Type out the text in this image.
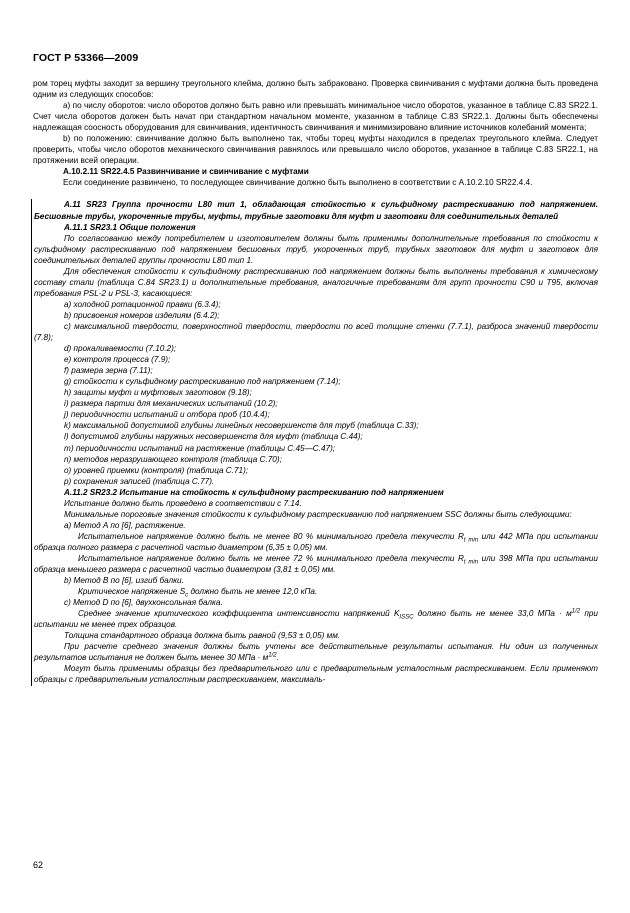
ГОСТ Р 53366—2009

ром торец муфты заходит за вершину треугольного клейма, должно быть забраковано. Проверка свинчивания с муфтами должна быть проведена одним из следующих способов:

a) по числу оборотов: число оборотов должно быть равно или превышать минимальное число оборотов, указанное в таблице C.83 SR22.1. Счет числа оборотов должен быть начат при стандартном начальном моменте, указанном в таблице C.83 SR22.1. Должны быть обеспечены надлежащая соосность оборудования для свинчивания, идентичность свинчивания и минимизировано влияние источников колебаний момента;

b) по положению: свинчивание должно быть выполнено так, чтобы торец муфты находился в пределах треугольного клейма. Следует проверить, чтобы число оборотов механического свинчивания равнялось или превышало число оборотов, указанное в таблице C.83 SR22.1, на протяжении всей операции.

A.10.2.11 SR22.4.5 Развинчивание и свинчивание с муфтами

Если соединение развинчено, то последующее свинчивание должно быть выполнено в соответствии с A.10.2.10 SR22.4.4.

A.11 SR23 Группа прочности L80 тип 1, обладающая стойкостью к сульфидному растрескиванию под напряжением. Бесшовные трубы, укороченные трубы, муфты, трубные заготовки для муфт и заготовки для соединительных деталей

A.11.1 SR23.1 Общие положения

По согласованию между потребителем и изготовителем должны быть применимы дополнительные требования по стойкости к сульфидному растрескиванию под напряжением бесшовных труб, укороченных труб, трубных заготовок для муфт и заготовок для соединительных деталей группы прочности L80 тип 1.

Для обеспечения стойкости к сульфидному растрескиванию под напряжением должны быть выполнены требования к химическому составу стали (таблица C.84 SR23.1) и дополнительные требования, аналогичные требованиям для групп прочности C90 и T95, включая требования PSL-2 и PSL-3, касающиеся:

a) холодной ротационной правки (6.3.4);

b) присвоения номеров изделиям (6.4.2);

c) максимальной твердости, поверхностной твердости, твердости по всей толщине стенки (7.7.1), разброса значений твердости (7.8);

d) прокаливаемости (7.10.2);

e) контроля процесса (7.9);

f) размера зерна (7.11);

g) стойкости к сульфидному растрескиванию под напряжением (7.14);

h) защиты муфт и муфтовых заготовок (9.18);

i) размера партии для механических испытаний (10.2);

j) периодичности испытаний и отбора проб (10.4.4);

k) максимальной допустимой глубины линейных несовершенств для труб (таблица C.33);

l) допустимой глубины наружных несовершенств для муфт (таблица C.44);

m) периодичности испытаний на растяжение (таблицы C.45—C.47);

n) методов неразрушающего контроля (таблица C.70);

o) уровней приемки (контроля) (таблица C.71);

p) сохранения записей (таблица C.77).

A.11.2 SR23.2 Испытание на стойкость к сульфидному растрескиванию под напряжением

Испытание должно быть проведено в соответствии с 7.14.

Минимальные пороговые значения стойкости к сульфидному растрескиванию под напряжением SSC должны быть следующими:

a) Метод A по [6], растяжение.

Испытательное напряжение должно быть не менее 80 % минимального предела текучести $R_{t min}$ или 442 МПа при испытании образца полного размера с расчетной частью диаметром (6,35 ± 0,05) мм.

Испытательное напряжение должно быть не менее 72 % минимального предела текучести $R_{t min}$ или 398 МПа при испытании образца меньшего размера с расчетной частью диаметром (3,81 ± 0,05) мм.

b) Метод B по [6], изгиб балки.

Критическое напряжение $S_c$ должно быть не менее 12,0 кПа.

c) Метод D по [6], двухконсольная балка.

Среднее значение критического коэффициента интенсивности напряжений $K_{ISSC}$ должно быть не менее 33,0 МПа · $м^{1/2}$ при испытании не менее трех образцов.

Толщина стандартного образца должна быть равной (9,53 ± 0,05) мм.

При расчете среднего значения должны быть учтены все действительные результаты испытания. Ни один из полученных результатов испытания не должен быть менее 30 МПа · $м^{1/2}$.

Могут быть применимы образцы без предварительного или с предварительным усталостным растрескиванием. Если применяют образцы с предварительным усталостным растрескиванием, максималь-

62
